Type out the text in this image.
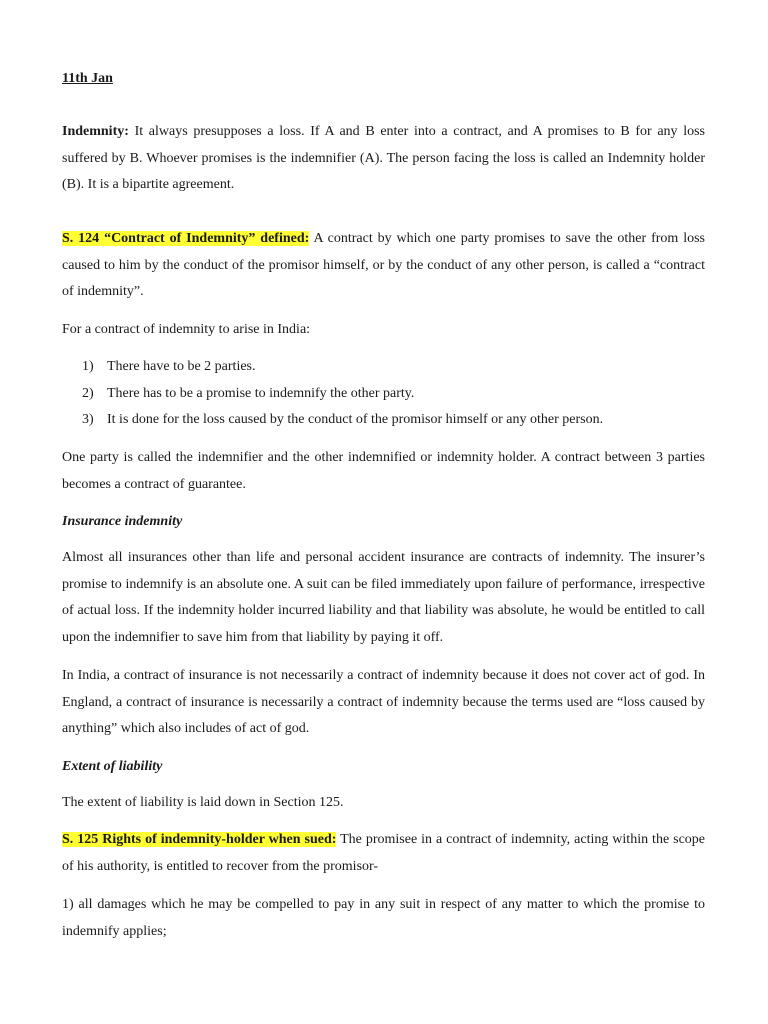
11th Jan

Indemnity: It always presupposes a loss. If A and B enter into a contract, and A promises to B for any loss suffered by B. Whoever promises is the indemnifier (A). The person facing the loss is called an Indemnity holder (B). It is a bipartite agreement.

S. 124 “Contract of Indemnity” defined: A contract by which one party promises to save the other from loss caused to him by the conduct of the promisor himself, or by the conduct of any other person, is called a “contract of indemnity”.

For a contract of indemnity to arise in India:

1) There have to be 2 parties.
2) There has to be a promise to indemnify the other party.
3) It is done for the loss caused by the conduct of the promisor himself or any other person.

One party is called the indemnifier and the other indemnified or indemnity holder. A contract between 3 parties becomes a contract of guarantee.

Insurance indemnity

Almost all insurances other than life and personal accident insurance are contracts of indemnity. The insurer’s promise to indemnify is an absolute one. A suit can be filed immediately upon failure of performance, irrespective of actual loss. If the indemnity holder incurred liability and that liability was absolute, he would be entitled to call upon the indemnifier to save him from that liability by paying it off.

In India, a contract of insurance is not necessarily a contract of indemnity because it does not cover act of god. In England, a contract of insurance is necessarily a contract of indemnity because the terms used are “loss caused by anything” which also includes of act of god.

Extent of liability

The extent of liability is laid down in Section 125.

S. 125 Rights of indemnity-holder when sued: The promisee in a contract of indemnity, acting within the scope of his authority, is entitled to recover from the promisor-

1) all damages which he may be compelled to pay in any suit in respect of any matter to which the promise to indemnify applies;
